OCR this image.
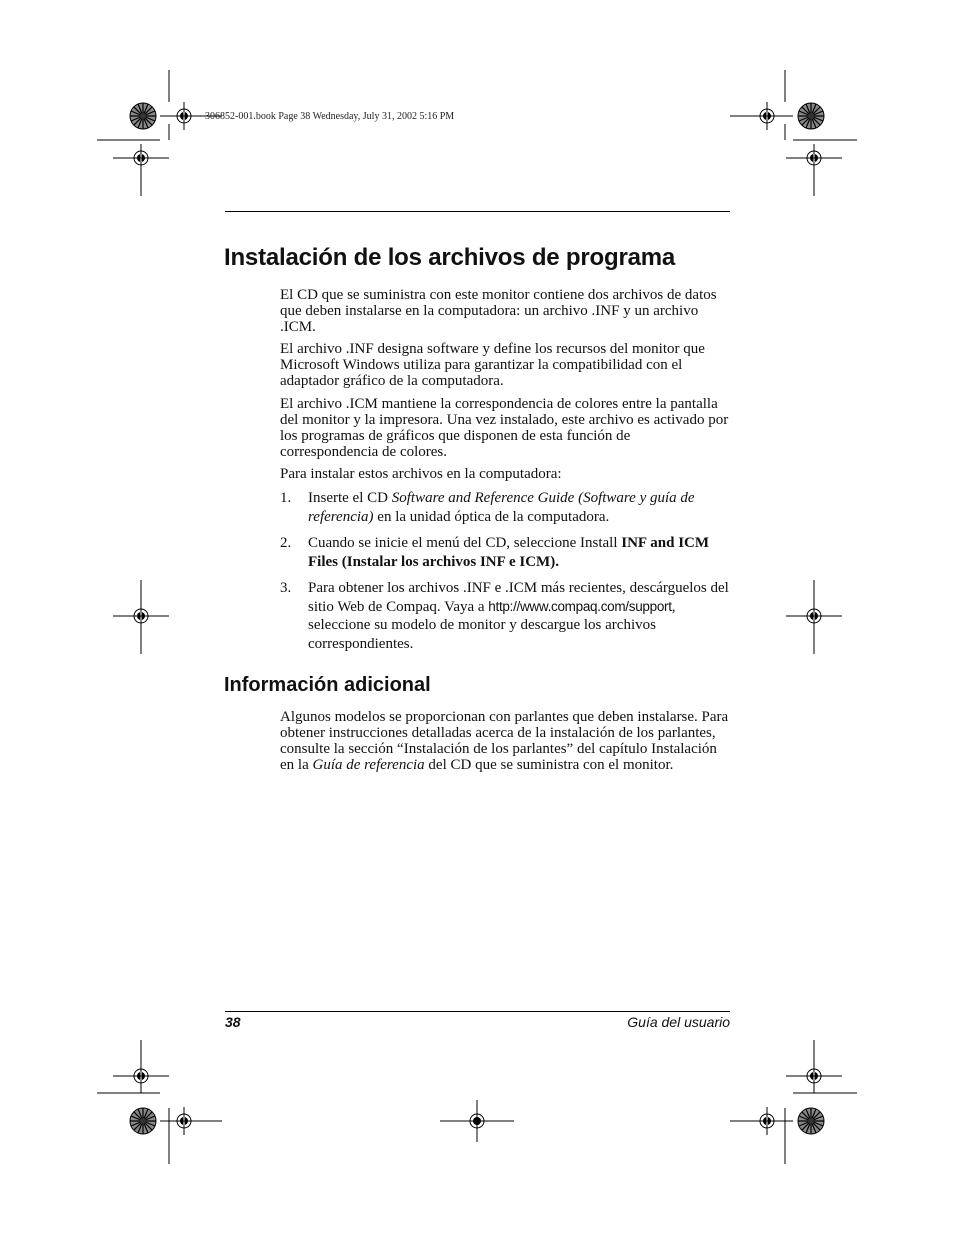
306852-001.book Page 38 Wednesday, July 31, 2002 5:16 PM
Instalación de los archivos de programa

El CD que se suministra con este monitor contiene dos archivos de datos que deben instalarse en la computadora: un archivo .INF y un archivo .ICM.

El archivo .INF designa software y define los recursos del monitor que Microsoft Windows utiliza para garantizar la compatibilidad con el adaptador gráfico de la computadora.

El archivo .ICM mantiene la correspondencia de colores entre la pantalla del monitor y la impresora. Una vez instalado, este archivo es activado por los programas de gráficos que disponen de esta función de correspondencia de colores.

Para instalar estos archivos en la computadora:

1. Inserte el CD Software and Reference Guide (Software y guía de referencia) en la unidad óptica de la computadora.
2. Cuando se inicie el menú del CD, seleccione Install INF and ICM Files (Instalar los archivos INF e ICM).
3. Para obtener los archivos .INF e .ICM más recientes, descárguelos del sitio Web de Compaq. Vaya a http://www.compaq.com/support, seleccione su modelo de monitor y descargue los archivos correspondientes.
Información adicional

Algunos modelos se proporcionan con parlantes que deben instalarse. Para obtener instrucciones detalladas acerca de la instalación de los parlantes, consulte la sección “Instalación de los parlantes” del capítulo Instalación en la Guía de referencia del CD que se suministra con el monitor.

38	Guía del usuario
